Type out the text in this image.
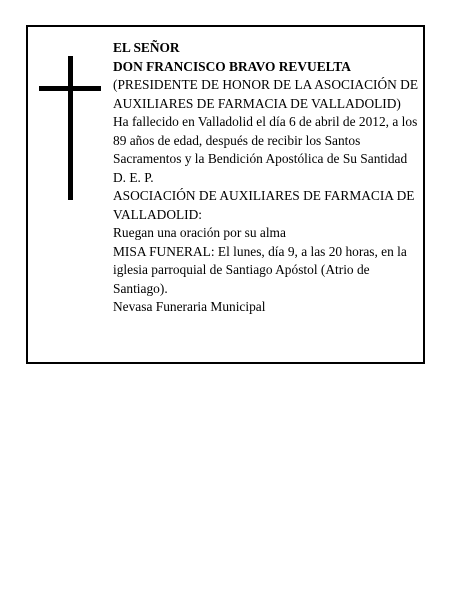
EL SEÑOR

DON FRANCISCO BRAVO REVUELTA

(PRESIDENTE DE HONOR DE LA ASOCIACIÓN DE AUXILIARES DE FARMACIA DE VALLADOLID)

Ha fallecido en Valladolid el día 6 de abril de 2012, a los 89 años de edad, después de recibir los Santos Sacramentos y la Bendición Apostólica de Su Santidad

D. E. P.

ASOCIACIÓN DE AUXILIARES DE FARMACIA DE VALLADOLID:

Ruegan una oración por su alma

MISA FUNERAL: El lunes, día 9, a las 20 horas, en la iglesia parroquial de Santiago Apóstol (Atrio de Santiago).

Nevasa Funeraria Municipal
